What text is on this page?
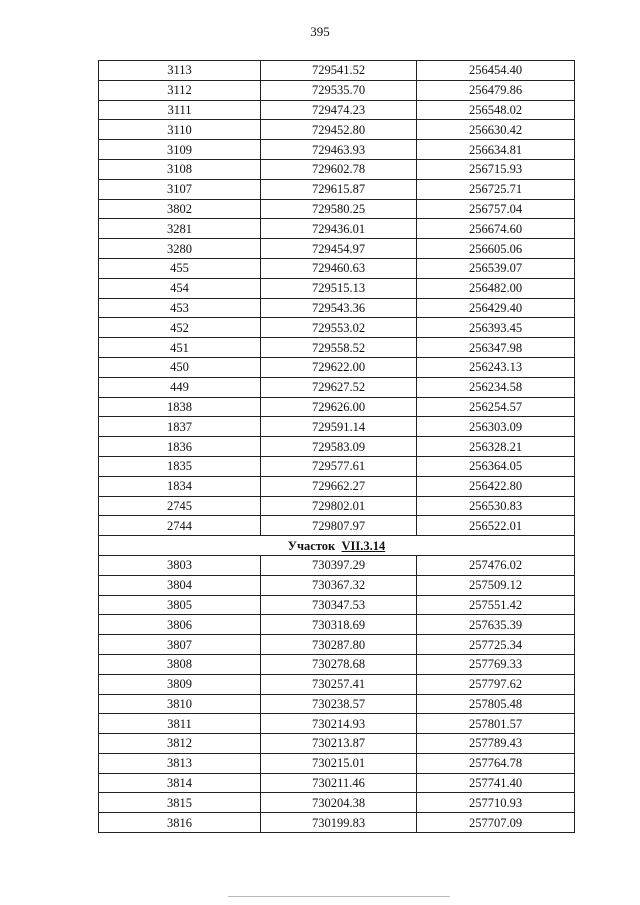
395
3113	729541.52	256454.40
3112	729535.70	256479.86
3111	729474.23	256548.02
3110	729452.80	256630.42
3109	729463.93	256634.81
3108	729602.78	256715.93
3107	729615.87	256725.71
3802	729580.25	256757.04
3281	729436.01	256674.60
3280	729454.97	256605.06
455	729460.63	256539.07
454	729515.13	256482.00
453	729543.36	256429.40
452	729553.02	256393.45
451	729558.52	256347.98
450	729622.00	256243.13
449	729627.52	256234.58
1838	729626.00	256254.57
1837	729591.14	256303.09
1836	729583.09	256328.21
1835	729577.61	256364.05
1834	729662.27	256422.80
2745	729802.01	256530.83
2744	729807.97	256522.01
Участок VII.3.14		
3803	730397.29	257476.02
3804	730367.32	257509.12
3805	730347.53	257551.42
3806	730318.69	257635.39
3807	730287.80	257725.34
3808	730278.68	257769.33
3809	730257.41	257797.62
3810	730238.57	257805.48
3811	730214.93	257801.57
3812	730213.87	257789.43
3813	730215.01	257764.78
3814	730211.46	257741.40
3815	730204.38	257710.93
3816	730199.83	257707.09
